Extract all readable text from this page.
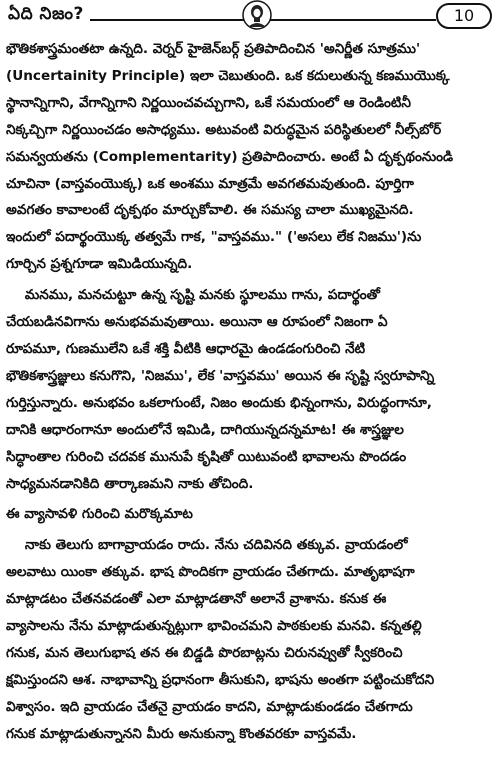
ఏది నిజం?	10
భౌతికశాస్త్రమంతటా ఉన్నది. వెర్నర్ హైజెన్‌బర్గ్ ప్రతిపాదించిన 'అనిర్ణీత సూత్రము'
(Uncertainity Principle) ఇలా చెబుతుంది. ఒక కదులుతున్న కణముయొక్క
స్థానాన్నిగాని, వేగాన్నిగాని నిర్ణయించవచ్చుగాని, ఒకే సమయంలో ఆ రెండింటినీ
నిక్కచ్చిగా నిర్ణయించడం అసాధ్యము. అటువంటి విరుద్ధమైన పరిస్థితులలో నీల్స్‌బోర్
సమన్వయతను (Complementarity) ప్రతిపాదించారు. అంటే ఏ దృక్పథంనుండి
చూచినా (వాస్తవంయొక్క) ఒక అంశము మాత్రమే అవగతమవుతుంది. పూర్తిగా
అవగతం కావాలంటే దృక్పథం మార్చుకోవాలి. ఈ సమస్య చాలా ముఖ్యమైనది.
ఇందులో పదార్థంయొక్క తత్వమే గాక, "వాస్తవము." ('అసలు లేక నిజము')ను
గూర్చిన ప్రశ్నగూడా ఇమిడియున్నది.
మనము, మనచుట్టూ ఉన్న సృష్టి మనకు స్థూలము గాను, పదార్థంతో
చేయబడినవిగాను అనుభవమవుతాయి. అయినా ఆ రూపంలో నిజంగా ఏ
రూపమూ, గుణములేని ఒకే శక్తి వీటికి ఆధారమై ఉండడంగురించి నేటి
భౌతికశాస్త్రజ్ఞులు కనుగొని, 'నిజము', లేక 'వాస్తవము' అయిన ఈ సృష్టి స్వరూపాన్ని
గుర్తిస్తున్నారు. అనుభవం ఒకలాగుంటే, నిజం అందుకు భిన్నంగాను, విరుద్ధంగానూ,
దానికి ఆధారంగానూ అందులోనే ఇమిడి, దాగియున్నదన్నమాట! ఈ శాస్త్రజ్ఞుల
సిద్ధాంతాల గురించి చదవక మునుపే కృషితో యిటువంటి భావాలను పొందడం
సాధ్యమనడానికిది తార్కాణమని నాకు తోచింది.
ఈ వ్యాసావళి గురించి మరొక్కమాట
నాకు తెలుగు బాగావ్రాయడం రాదు. నేను చదివినది తక్కువ. వ్రాయడంలో
అలవాటు యింకా తక్కువ. భాష పొందికగా వ్రాయడం చేతగాదు. మాతృభాషగా
మాట్లాడటం చేతనవడంతో ఎలా మాట్లాడతానో అలానే వ్రాశాను. కనుక ఈ
వ్యాసాలను నేను మాట్లాడుతున్నట్లుగా భావించమని పాఠకులకు మనవి. కన్నతల్లి
గనుక, మన తెలుగుభాష తన ఈ బిడ్డడి పొరబాట్లను చిరునవ్వుతో స్వీకరించి
క్షమిస్తుందని ఆశ. నాభావాన్ని ప్రధానంగా తీసుకుని, భాషను అంతగా పట్టించుకోదని
విశ్వాసం. ఇది వ్రాయడం చేతనై వ్రాయడం కాదని, మాట్లాడుకుండడం చేతగాదు
గనుక మాట్లాడుతున్నానని మీరు అనుకున్నా కొంతవరకూ వాస్తవమే.
